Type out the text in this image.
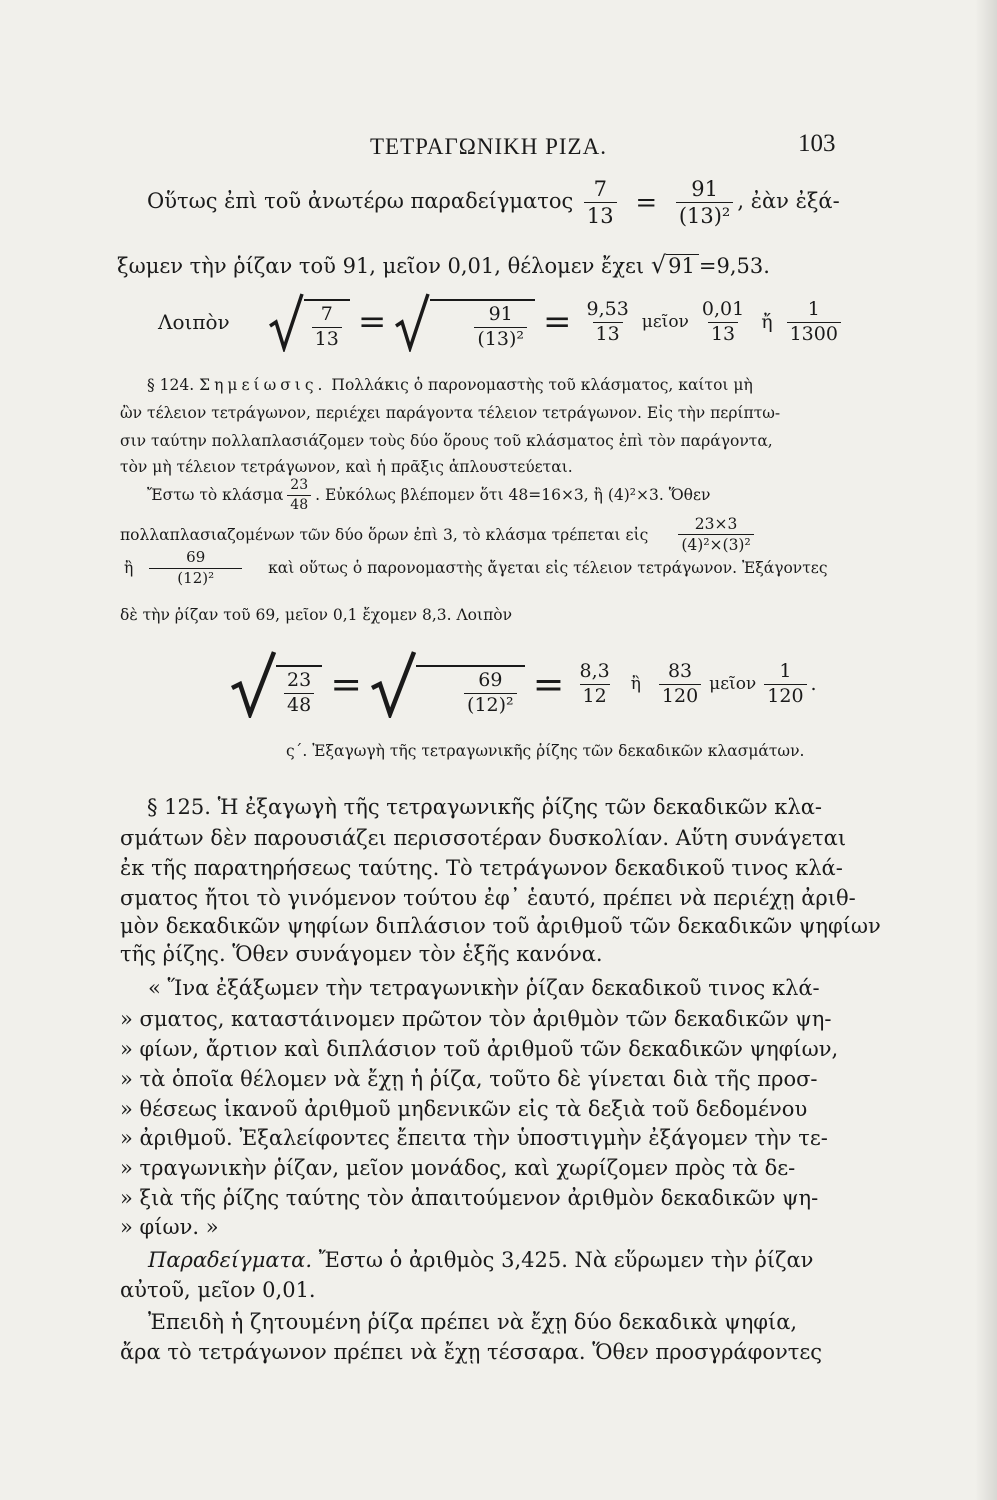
ΤΕΤΡΑΓΩΝΙΚΗ ΡΙΖΑ.	103
Οὕτως ἐπὶ τοῦ ἀνωτέρω παραδείγματος $\frac{7}{13} = \frac{91}{\text{(13)²}}$ , ἐὰν ἐξά-
ξωμεν τὴν ῥίζαν τοῦ 91, μεῖον 0,01, θέλομεν ἔχει √91 =9,53.
Λοιπὸν	$\frac{7}{13}$ =	$\frac{91}{\text{(13)²}} = \frac{9,53}{13}$ μεῖον $\frac{0,01}{13}$ ἤ $\frac{1}{1300}$
§ 124. Σημείωσις. Πολλάκις ὁ παρονομαστὴς τοῦ κλάσματος, καίτοι μὴ
ὢν τέλειον τετράγωνον, περιέχει παράγοντα τέλειον τετράγωνον. Εἰς τὴν περίπτω-
σιν ταύτην πολλαπλασιάζομεν τοὺς δύο ὅρους τοῦ κλάσματος ἐπὶ τὸν παράγοντα,
τὸν μὴ τέλειον τετράγωνον, καὶ ἡ πρᾶξις ἁπλουστεύεται.
Ἔστω τὸ κλάσμα $\frac{23}{48}$ . Εὐκόλως βλέπομεν ὅτι 48=16×3, ἢ (4)²×3. Ὅθεν
πολλαπλασιαζομένων τῶν δύο ὅρων ἐπὶ 3, τὸ κλάσμα τρέπεται εἰς $\frac{23\times 3}{\text{(4)²×(3)²}}$
ἢ $\frac{69}{\text{(12)²}}$ καὶ οὕτως ὁ παρονομαστὴς ἄγεται εἰς τέλειον τετράγωνον. Ἐξάγοντες
δὲ τὴν ῥίζαν τοῦ 69, μεῖον 0,1 ἔχομεν 8,3. Λοιπὸν
$\frac{23}{48}$ =	$\frac{69}{\text{(12)²}} = \frac{8,3}{12}$ ἢ $\frac{83}{120}$ μεῖον $\frac{1}{120}$ .
ς΄. Ἐξαγωγὴ τῆς τετραγωνικῆς ῥίζης τῶν δεκαδικῶν κλασμάτων.
§ 125. Ἡ ἐξαγωγὴ τῆς τετραγωνικῆς ῥίζης τῶν δεκαδικῶν κλα-
σμάτων δὲν παρουσιάζει περισσοτέραν δυσκολίαν. Αὕτη συνάγεται
ἐκ τῆς παρατηρήσεως ταύτης. Τὸ τετράγωνον δεκαδικοῦ τινος κλά-
σματος ἤτοι τὸ γινόμενον τούτου ἐφ᾽ ἑαυτό, πρέπει νὰ περιέχῃ ἀριθ-
μὸν δεκαδικῶν ψηφίων διπλάσιον τοῦ ἀριθμοῦ τῶν δεκαδικῶν ψηφίων
τῆς ῥίζης. Ὅθεν συνάγομεν τὸν ἑξῆς κανόνα.
« Ἵνα ἐξάξωμεν τὴν τετραγωνικὴν ῥίζαν δεκαδικοῦ τινος κλά-
» σματος, καταστάινομεν πρῶτον τὸν ἀριθμὸν τῶν δεκαδικῶν ψη-
» φίων, ἄρτιον καὶ διπλάσιον τοῦ ἀριθμοῦ τῶν δεκαδικῶν ψηφίων,
» τὰ ὁποῖα θέλομεν νὰ ἔχῃ ἡ ῥίζα, τοῦτο δὲ γίνεται διὰ τῆς προσ-
» θέσεως ἱκανοῦ ἀριθμοῦ μηδενικῶν εἰς τὰ δεξιὰ τοῦ δεδομένου
» ἀριθμοῦ. Ἐξαλείφοντες ἔπειτα τὴν ὑποστιγμὴν ἐξάγομεν τὴν τε-
» τραγωνικὴν ῥίζαν, μεῖον μονάδος, καὶ χωρίζομεν πρὸς τὰ δε-
» ξιὰ τῆς ῥίζης ταύτης τὸν ἀπαιτούμενον ἀριθμὸν δεκαδικῶν ψη-
» φίων. »
Παραδείγματα. Ἔστω ὁ ἀριθμὸς 3,425. Νὰ εὕρωμεν τὴν ῥίζαν
αὐτοῦ, μεῖον 0,01.
Ἐπειδὴ ἡ ζητουμένη ῥίζα πρέπει νὰ ἔχῃ δύο δεκαδικὰ ψηφία,
ἄρα τὸ τετράγωνον πρέπει νὰ ἔχῃ τέσσαρα. Ὅθεν προσγράφοντες
